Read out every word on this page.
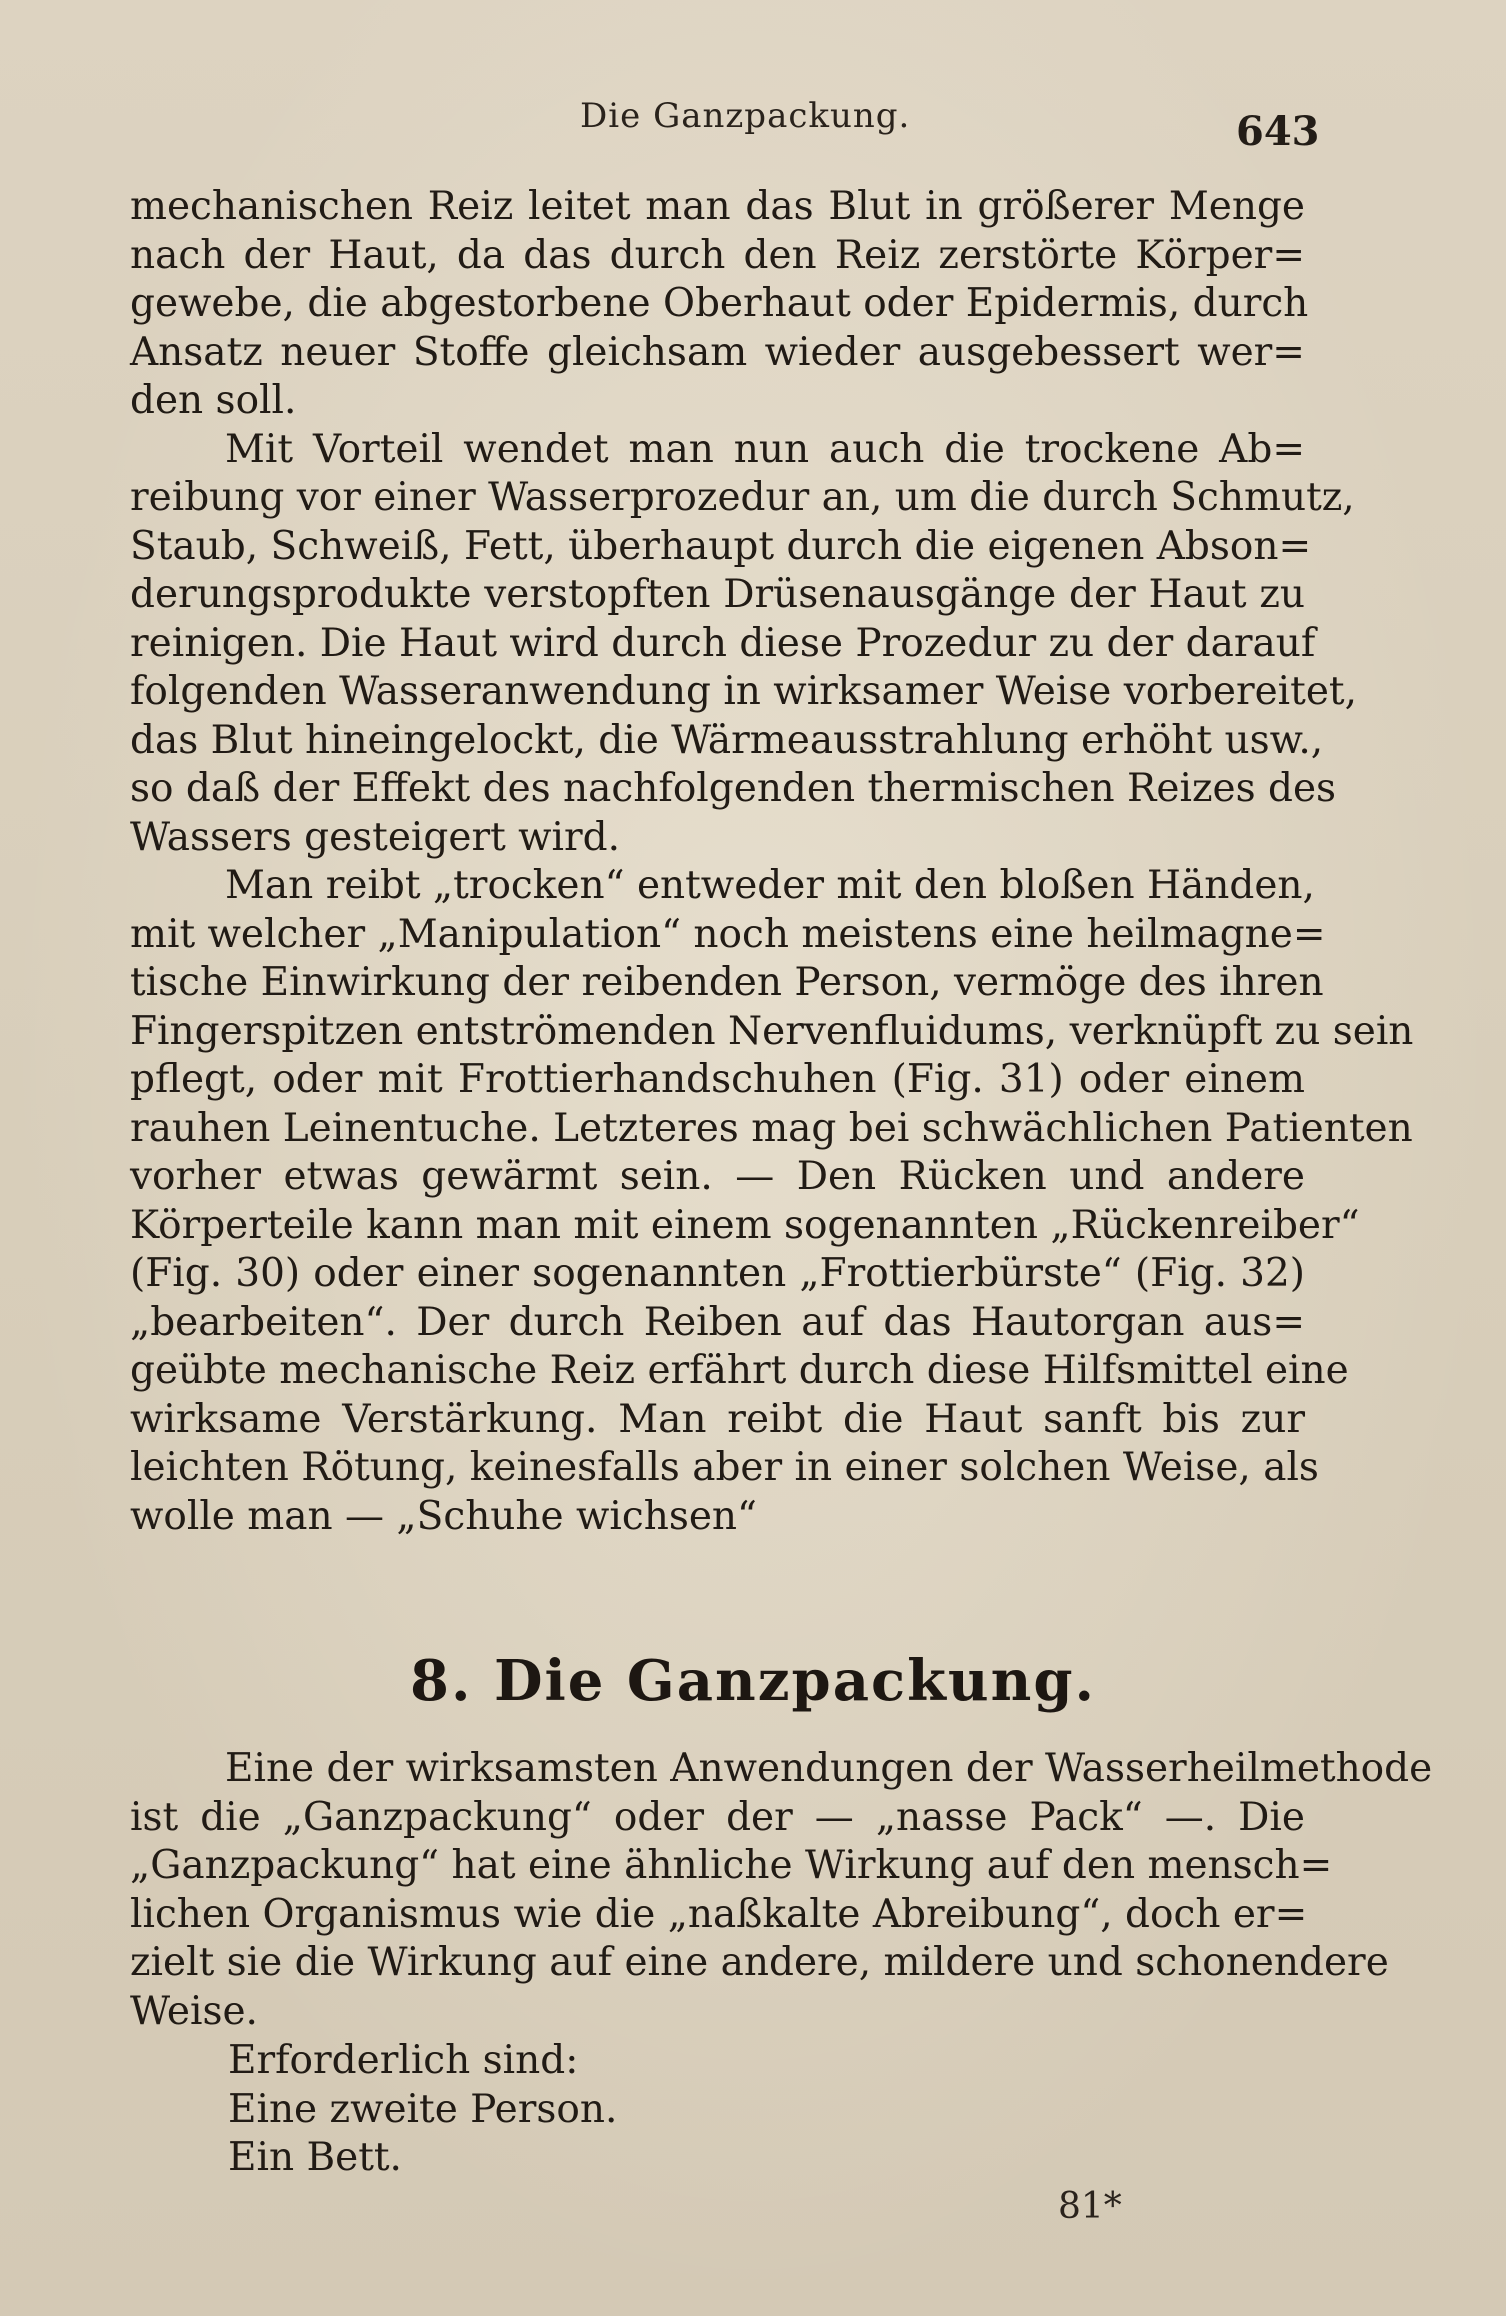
Die Ganzpackung.	643
mechanischen Reiz leitet man das Blut in größerer Menge
nach der Haut, da das durch den Reiz zerstörte Körper=
gewebe, die abgestorbene Oberhaut oder Epidermis, durch
Ansatz neuer Stoffe gleichsam wieder ausgebessert wer=
den soll.
Mit Vorteil wendet man nun auch die trockene Ab=
reibung vor einer Wasserprozedur an, um die durch Schmutz,
Staub, Schweiß, Fett, überhaupt durch die eigenen Abson=
derungsprodukte verstopften Drüsenausgänge der Haut zu
reinigen. Die Haut wird durch diese Prozedur zu der darauf
folgenden Wasseranwendung in wirksamer Weise vorbereitet,
das Blut hineingelockt, die Wärmeausstrahlung erhöht usw.,
so daß der Effekt des nachfolgenden thermischen Reizes des
Wassers gesteigert wird.
Man reibt „trocken“ entweder mit den bloßen Händen,
mit welcher „Manipulation“ noch meistens eine heilmagne=
tische Einwirkung der reibenden Person, vermöge des ihren
Fingerspitzen entströmenden Nervenfluidums, verknüpft zu sein
pflegt, oder mit Frottierhandschuhen (Fig. 31) oder einem
rauhen Leinentuche. Letzteres mag bei schwächlichen Patienten
vorher etwas gewärmt sein. — Den Rücken und andere
Körperteile kann man mit einem sogenannten „Rückenreiber“
(Fig. 30) oder einer sogenannten „Frottierbürste“ (Fig. 32)
„bearbeiten“. Der durch Reiben auf das Hautorgan aus=
geübte mechanische Reiz erfährt durch diese Hilfsmittel eine
wirksame Verstärkung. Man reibt die Haut sanft bis zur
leichten Rötung, keinesfalls aber in einer solchen Weise, als
wolle man — „Schuhe wichsen“
8. Die Ganzpackung.
Eine der wirksamsten Anwendungen der Wasserheilmethode
ist die „Ganzpackung“ oder der — „nasse Pack“ —. Die
„Ganzpackung“ hat eine ähnliche Wirkung auf den mensch=
lichen Organismus wie die „naßkalte Abreibung“, doch er=
zielt sie die Wirkung auf eine andere, mildere und schonendere
Weise.
Erforderlich sind:
Eine zweite Person.
Ein Bett.
81*
